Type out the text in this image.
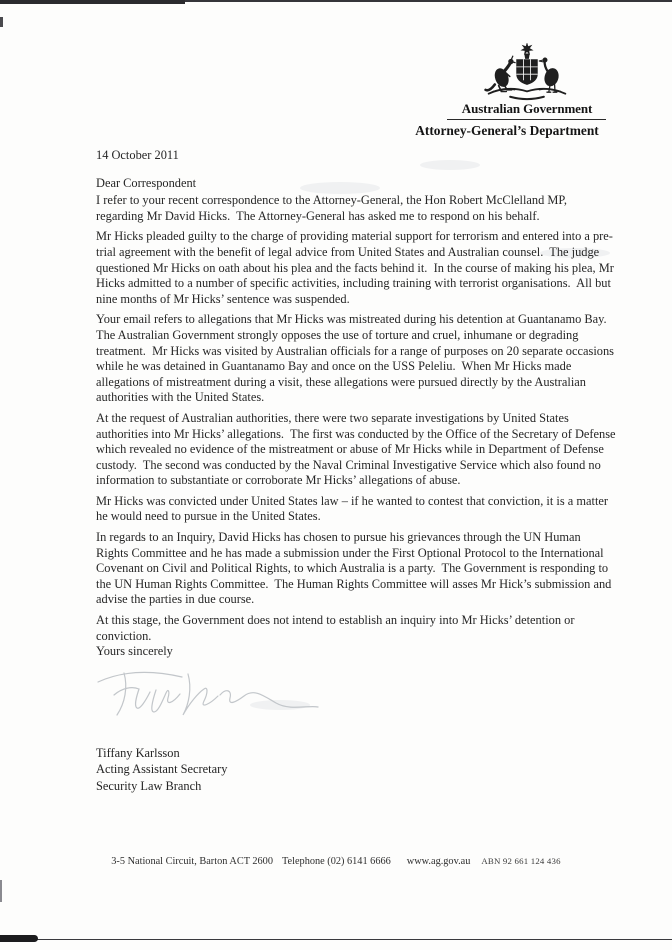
Australian Government
Attorney-General’s Department

14 October 2011

Dear Correspondent

I refer to your recent correspondence to the Attorney-General, the Hon Robert McClelland MP, regarding Mr David Hicks.  The Attorney-General has asked me to respond on his behalf.

Mr Hicks pleaded guilty to the charge of providing material support for terrorism and entered into a pre-trial agreement with the benefit of legal advice from United States and Australian counsel.  The judge questioned Mr Hicks on oath about his plea and the facts behind it.  In the course of making his plea, Mr Hicks admitted to a number of specific activities, including training with terrorist organisations.  All but nine months of Mr Hicks’ sentence was suspended.

Your email refers to allegations that Mr Hicks was mistreated during his detention at Guantanamo Bay.  The Australian Government strongly opposes the use of torture and cruel, inhumane or degrading treatment.  Mr Hicks was visited by Australian officials for a range of purposes on 20 separate occasions while he was detained in Guantanamo Bay and once on the USS Peleliu.  When Mr Hicks made allegations of mistreatment during a visit, these allegations were pursued directly by the Australian authorities with the United States.

At the request of Australian authorities, there were two separate investigations by United States authorities into Mr Hicks’ allegations.  The first was conducted by the Office of the Secretary of Defense which revealed no evidence of the mistreatment or abuse of Mr Hicks while in Department of Defense custody.  The second was conducted by the Naval Criminal Investigative Service which also found no information to substantiate or corroborate Mr Hicks’ allegations of abuse.

Mr Hicks was convicted under United States law – if he wanted to contest that conviction, it is a matter he would need to pursue in the United States.

In regards to an Inquiry, David Hicks has chosen to pursue his grievances through the UN Human Rights Committee and he has made a submission under the First Optional Protocol to the International Covenant on Civil and Political Rights, to which Australia is a party.  The Government is responding to the UN Human Rights Committee.  The Human Rights Committee will asses Mr Hick’s submission and advise the parties in due course.

At this stage, the Government does not intend to establish an inquiry into Mr Hicks’ detention or conviction.

Yours sincerely

Tiffany Karlsson
Acting Assistant Secretary
Security Law Branch
3-5 National Circuit, Barton ACT 2600 Telephone (02) 6141 6666 www.ag.gov.au ABN 92 661 124 436
